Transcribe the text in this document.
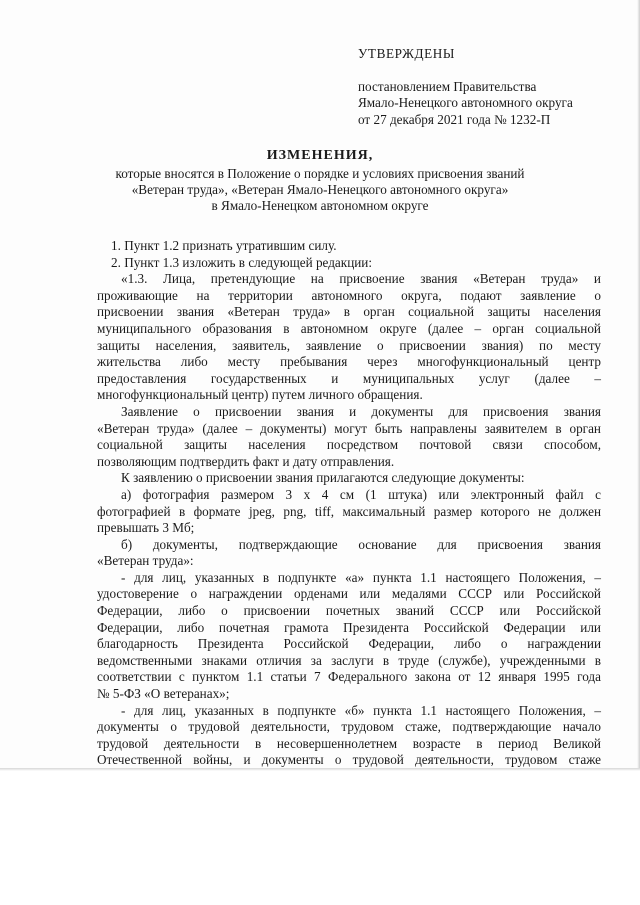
УТВЕРЖДЕНЫ
постановлением Правительства
Ямало-Ненецкого автономного округа
от 27 декабря 2021 года № 1232-П
ИЗМЕНЕНИЯ,
которые вносятся в Положение о порядке и условиях присвоения званий
«Ветеран труда», «Ветеран Ямало-Ненецкого автономного округа»
в Ямало-Ненецком автономном округе

1. Пункт 1.2 признать утратившим силу.

2. Пункт 1.3 изложить в следующей редакции:

«1.3. Лица, претендующие на присвоение звания «Ветеран труда» и

проживающие на территории автономного округа, подают заявление о

присвоении звания «Ветеран труда» в орган социальной защиты населения

муниципального образования в автономном округе (далее – орган социальной

защиты населения, заявитель, заявление о присвоении звания) по месту

жительства либо месту пребывания через многофункциональный центр

предоставления государственных и муниципальных услуг (далее –

многофункциональный центр) путем личного обращения.

Заявление о присвоении звания и документы для присвоения звания

«Ветеран труда» (далее – документы) могут быть направлены заявителем в орган

социальной защиты населения посредством почтовой связи способом,

позволяющим подтвердить факт и дату отправления.

К заявлению о присвоении звания прилагаются следующие документы:

а) фотография размером 3 х 4 см (1 штука) или электронный файл с

фотографией в формате jpeg, png, tiff, максимальный размер которого не должен

превышать 3 Мб;

б) документы, подтверждающие основание для присвоения звания

«Ветеран труда»:

- для лиц, указанных в подпункте «а» пункта 1.1 настоящего Положения, –

удостоверение о награждении орденами или медалями СССР или Российской

Федерации, либо о присвоении почетных званий СССР или Российской

Федерации, либо почетная грамота Президента Российской Федерации или

благодарность Президента Российской Федерации, либо о награждении

ведомственными знаками отличия за заслуги в труде (службе), учрежденными в

соответствии с пунктом 1.1 статьи 7 Федерального закона от 12 января 1995 года

№ 5-ФЗ «О ветеранах»;

- для лиц, указанных в подпункте «б» пункта 1.1 настоящего Положения, –

документы о трудовой деятельности, трудовом стаже, подтверждающие начало

трудовой деятельности в несовершеннолетнем возрасте в период Великой

Отечественной войны, и документы о трудовой деятельности, трудовом стаже
